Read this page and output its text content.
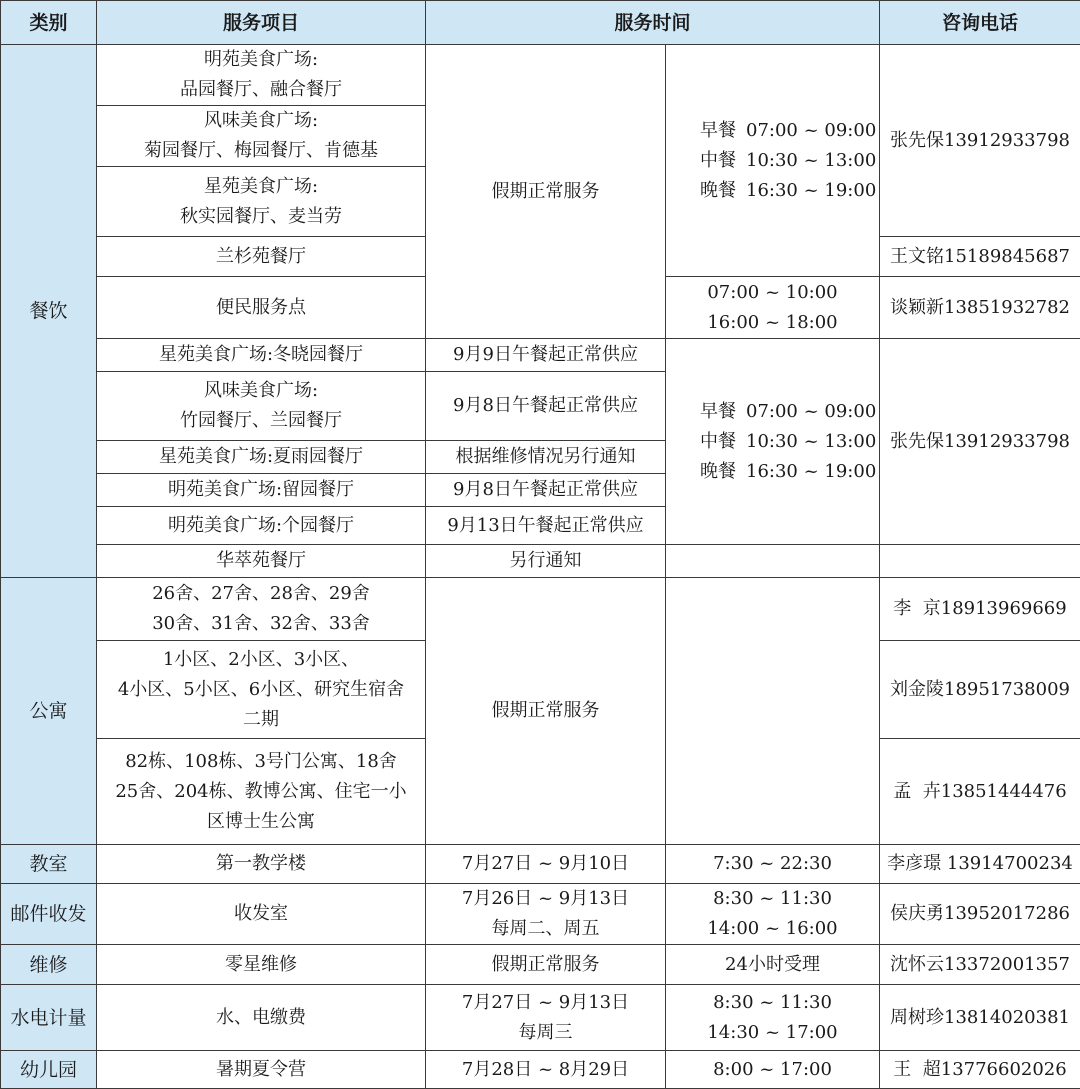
类别	服务项目	服务时间		咨询电话
餐饮	明苑美食广场:
品园餐厅、融合餐厅	假期正常服务	早餐 07:00 ~ 09:00
中餐 10:30 ~ 13:00
晚餐 16:30 ~ 19:00	张先保13912933798

	风味美食广场:
菊园餐厅、梅园餐厅、肯德基			

	星苑美食广场:
秋实园餐厅、麦当劳			

	兰杉苑餐厅			王文铭15189845687
	便民服务点		07:00 ~ 10:00
16:00 ~ 18:00	谈颖新13851932782
	星苑美食广场:冬晓园餐厅	9月9日午餐起正常供应	早餐 07:00 ~ 09:00
中餐 10:30 ~ 13:00
晚餐 16:30 ~ 19:00	张先保13912933798

	风味美食广场:
竹园餐厅、兰园餐厅	9月8日午餐起正常供应		
	星苑美食广场:夏雨园餐厅	根据维修情况另行通知		
	明苑美食广场:留园餐厅	9月8日午餐起正常供应		
	明苑美食广场:个园餐厅	9月13日午餐起正常供应		
	华萃苑餐厅	另行通知		
公寓	26舍、27舍、28舍、29舍
30舍、31舍、32舍、33舍	假期正常服务		李  京18913969669

	1小区、2小区、3小区、
4小区、5小区、6小区、研究生宿舍
二期			刘金陵18951738009

	82栋、108栋、3号门公寓、18舍
25舍、204栋、教博公寓、住宅一小
区博士生公寓			孟  卉13851444476
教室	第一教学楼	7月27日 ~ 9月10日	7:30 ~ 22:30	李彦璟 13914700234
邮件收发	收发室	7月26日 ~ 9月13日
每周二、周五	8:30 ~ 11:30
14:00 ~ 16:00	侯庆勇13952017286
维修	零星维修	假期正常服务	24小时受理	沈怀云13372001357
水电计量	水、电缴费	7月27日 ~ 9月13日
每周三	8:30 ~ 11:30
14:30 ~ 17:00	周树珍13814020381
幼儿园	暑期夏令营	7月28日 ~ 8月29日	8:00 ~ 17:00	王  超13776602026
